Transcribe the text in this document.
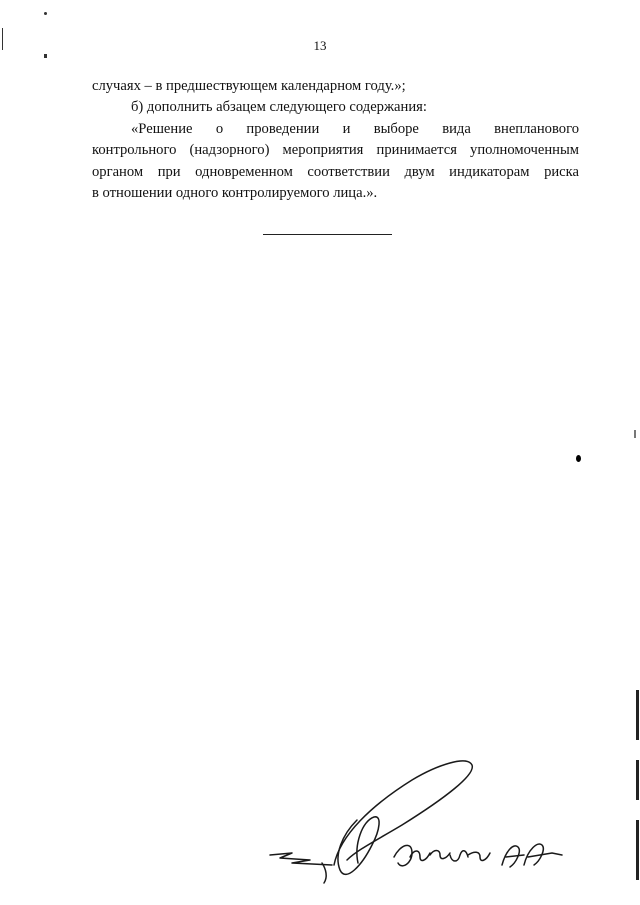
13

случаях – в предшествующем календарном году.»;

б) дополнить абзацем следующего содержания:

«Решение о проведении и выборе вида внепланового

контрольного (надзорного) мероприятия принимается уполномоченным

органом при одновременном соответствии двум индикаторам риска

в отношении одного контролируемого лица.».
